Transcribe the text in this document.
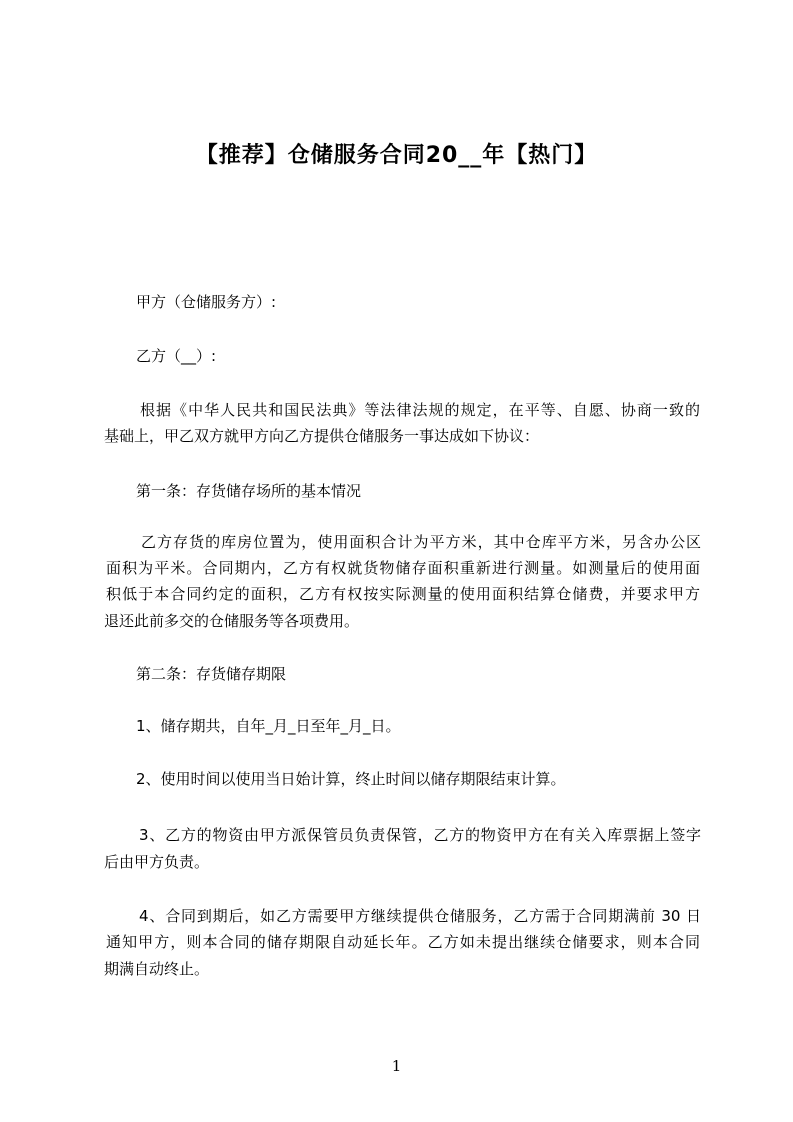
【推荐】仓储服务合同20__年【热门】
甲方（仓储服务方）:
乙方（__）:
根据《中华人民共和国民法典》等法律法规的规定，在平等、自愿、协商一致的
基础上，甲乙双方就甲方向乙方提供仓储服务一事达成如下协议：
第一条：存货储存场所的基本情况
乙方存货的库房位置为，使用面积合计为平方米，其中仓库平方米，另含办公区
面积为平米。合同期内，乙方有权就货物储存面积重新进行测量。如测量后的使用面
积低于本合同约定的面积，乙方有权按实际测量的使用面积结算仓储费，并要求甲方
退还此前多交的仓储服务等各项费用。
第二条：存货储存期限
1、储存期共，自年_月_日至年_月_日。
2、使用时间以使用当日始计算，终止时间以储存期限结束计算。
3、乙方的物资由甲方派保管员负责保管，乙方的物资甲方在有关入库票据上签字
后由甲方负责。
4、合同到期后，如乙方需要甲方继续提供仓储服务，乙方需于合同期满前 30 日
通知甲方，则本合同的储存期限自动延长年。乙方如未提出继续仓储要求，则本合同
期满自动终止。
1
